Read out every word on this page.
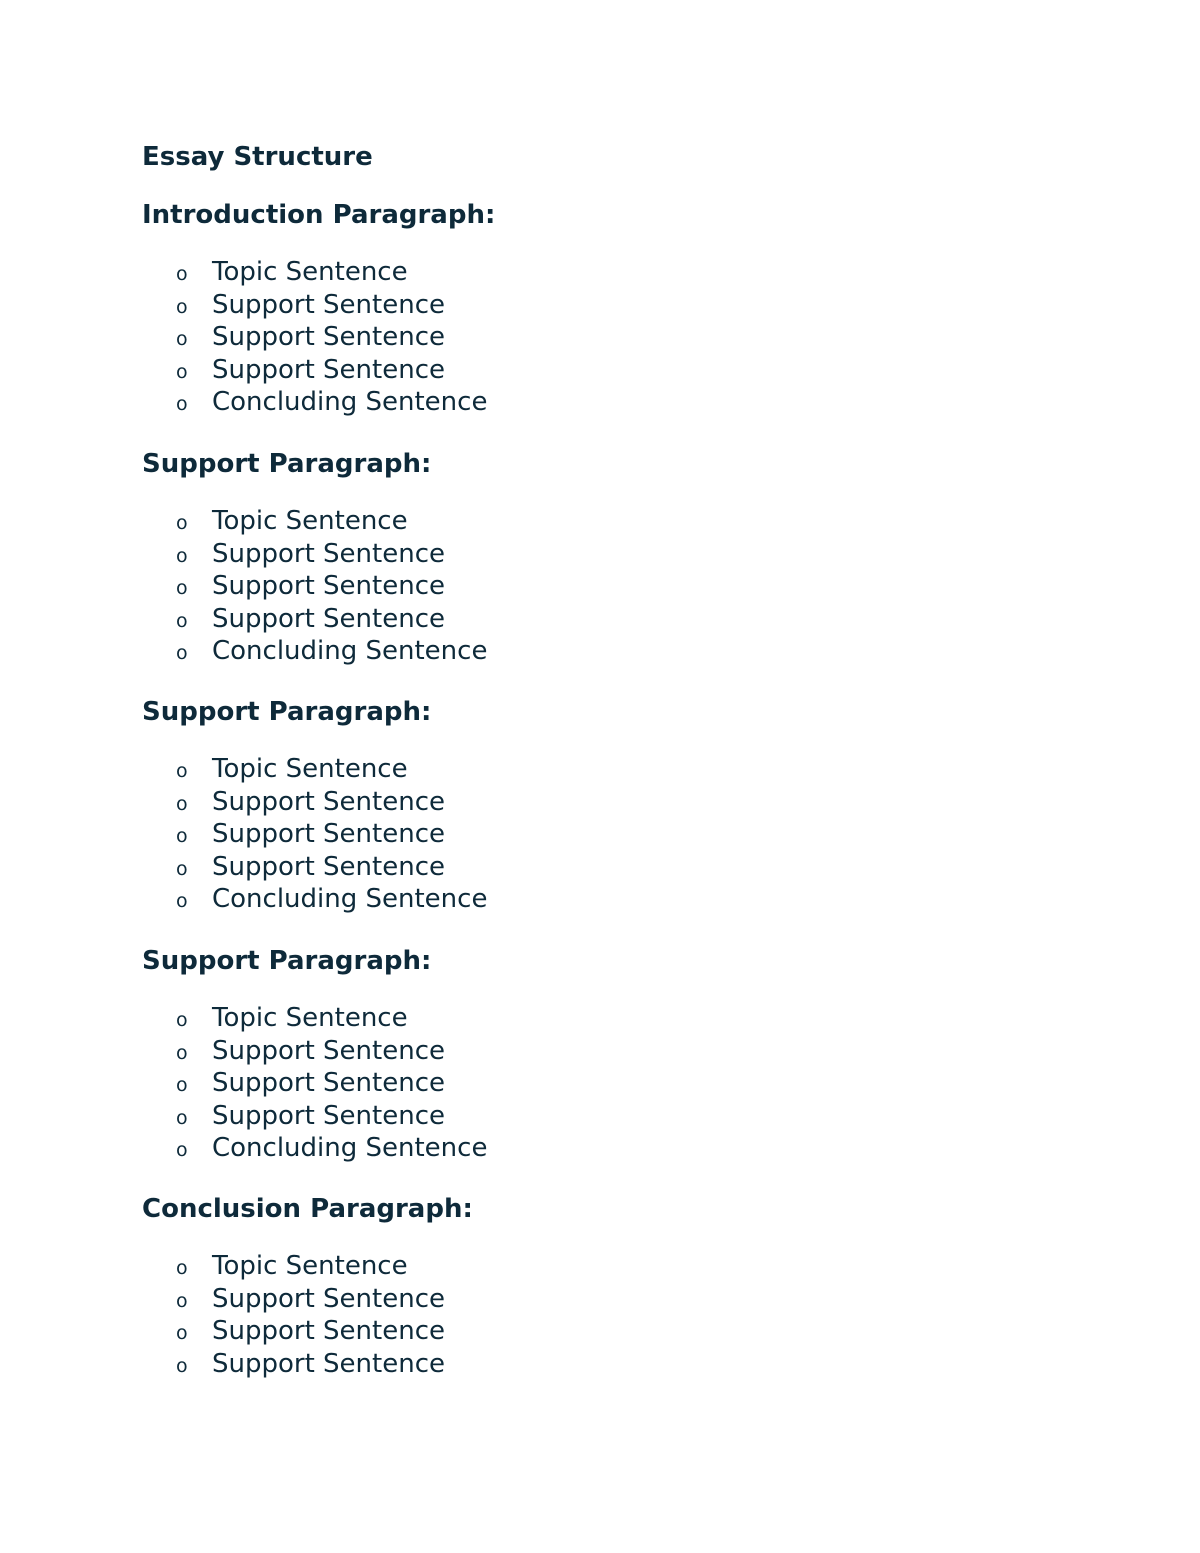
Essay Structure
Introduction Paragraph:
o Topic Sentence
o Support Sentence
o Support Sentence
o Support Sentence
o Concluding Sentence
Support Paragraph:
o Topic Sentence
o Support Sentence
o Support Sentence
o Support Sentence
o Concluding Sentence
Support Paragraph:
o Topic Sentence
o Support Sentence
o Support Sentence
o Support Sentence
o Concluding Sentence
Support Paragraph:
o Topic Sentence
o Support Sentence
o Support Sentence
o Support Sentence
o Concluding Sentence
Conclusion Paragraph:
o Topic Sentence
o Support Sentence
o Support Sentence
o Support Sentence
